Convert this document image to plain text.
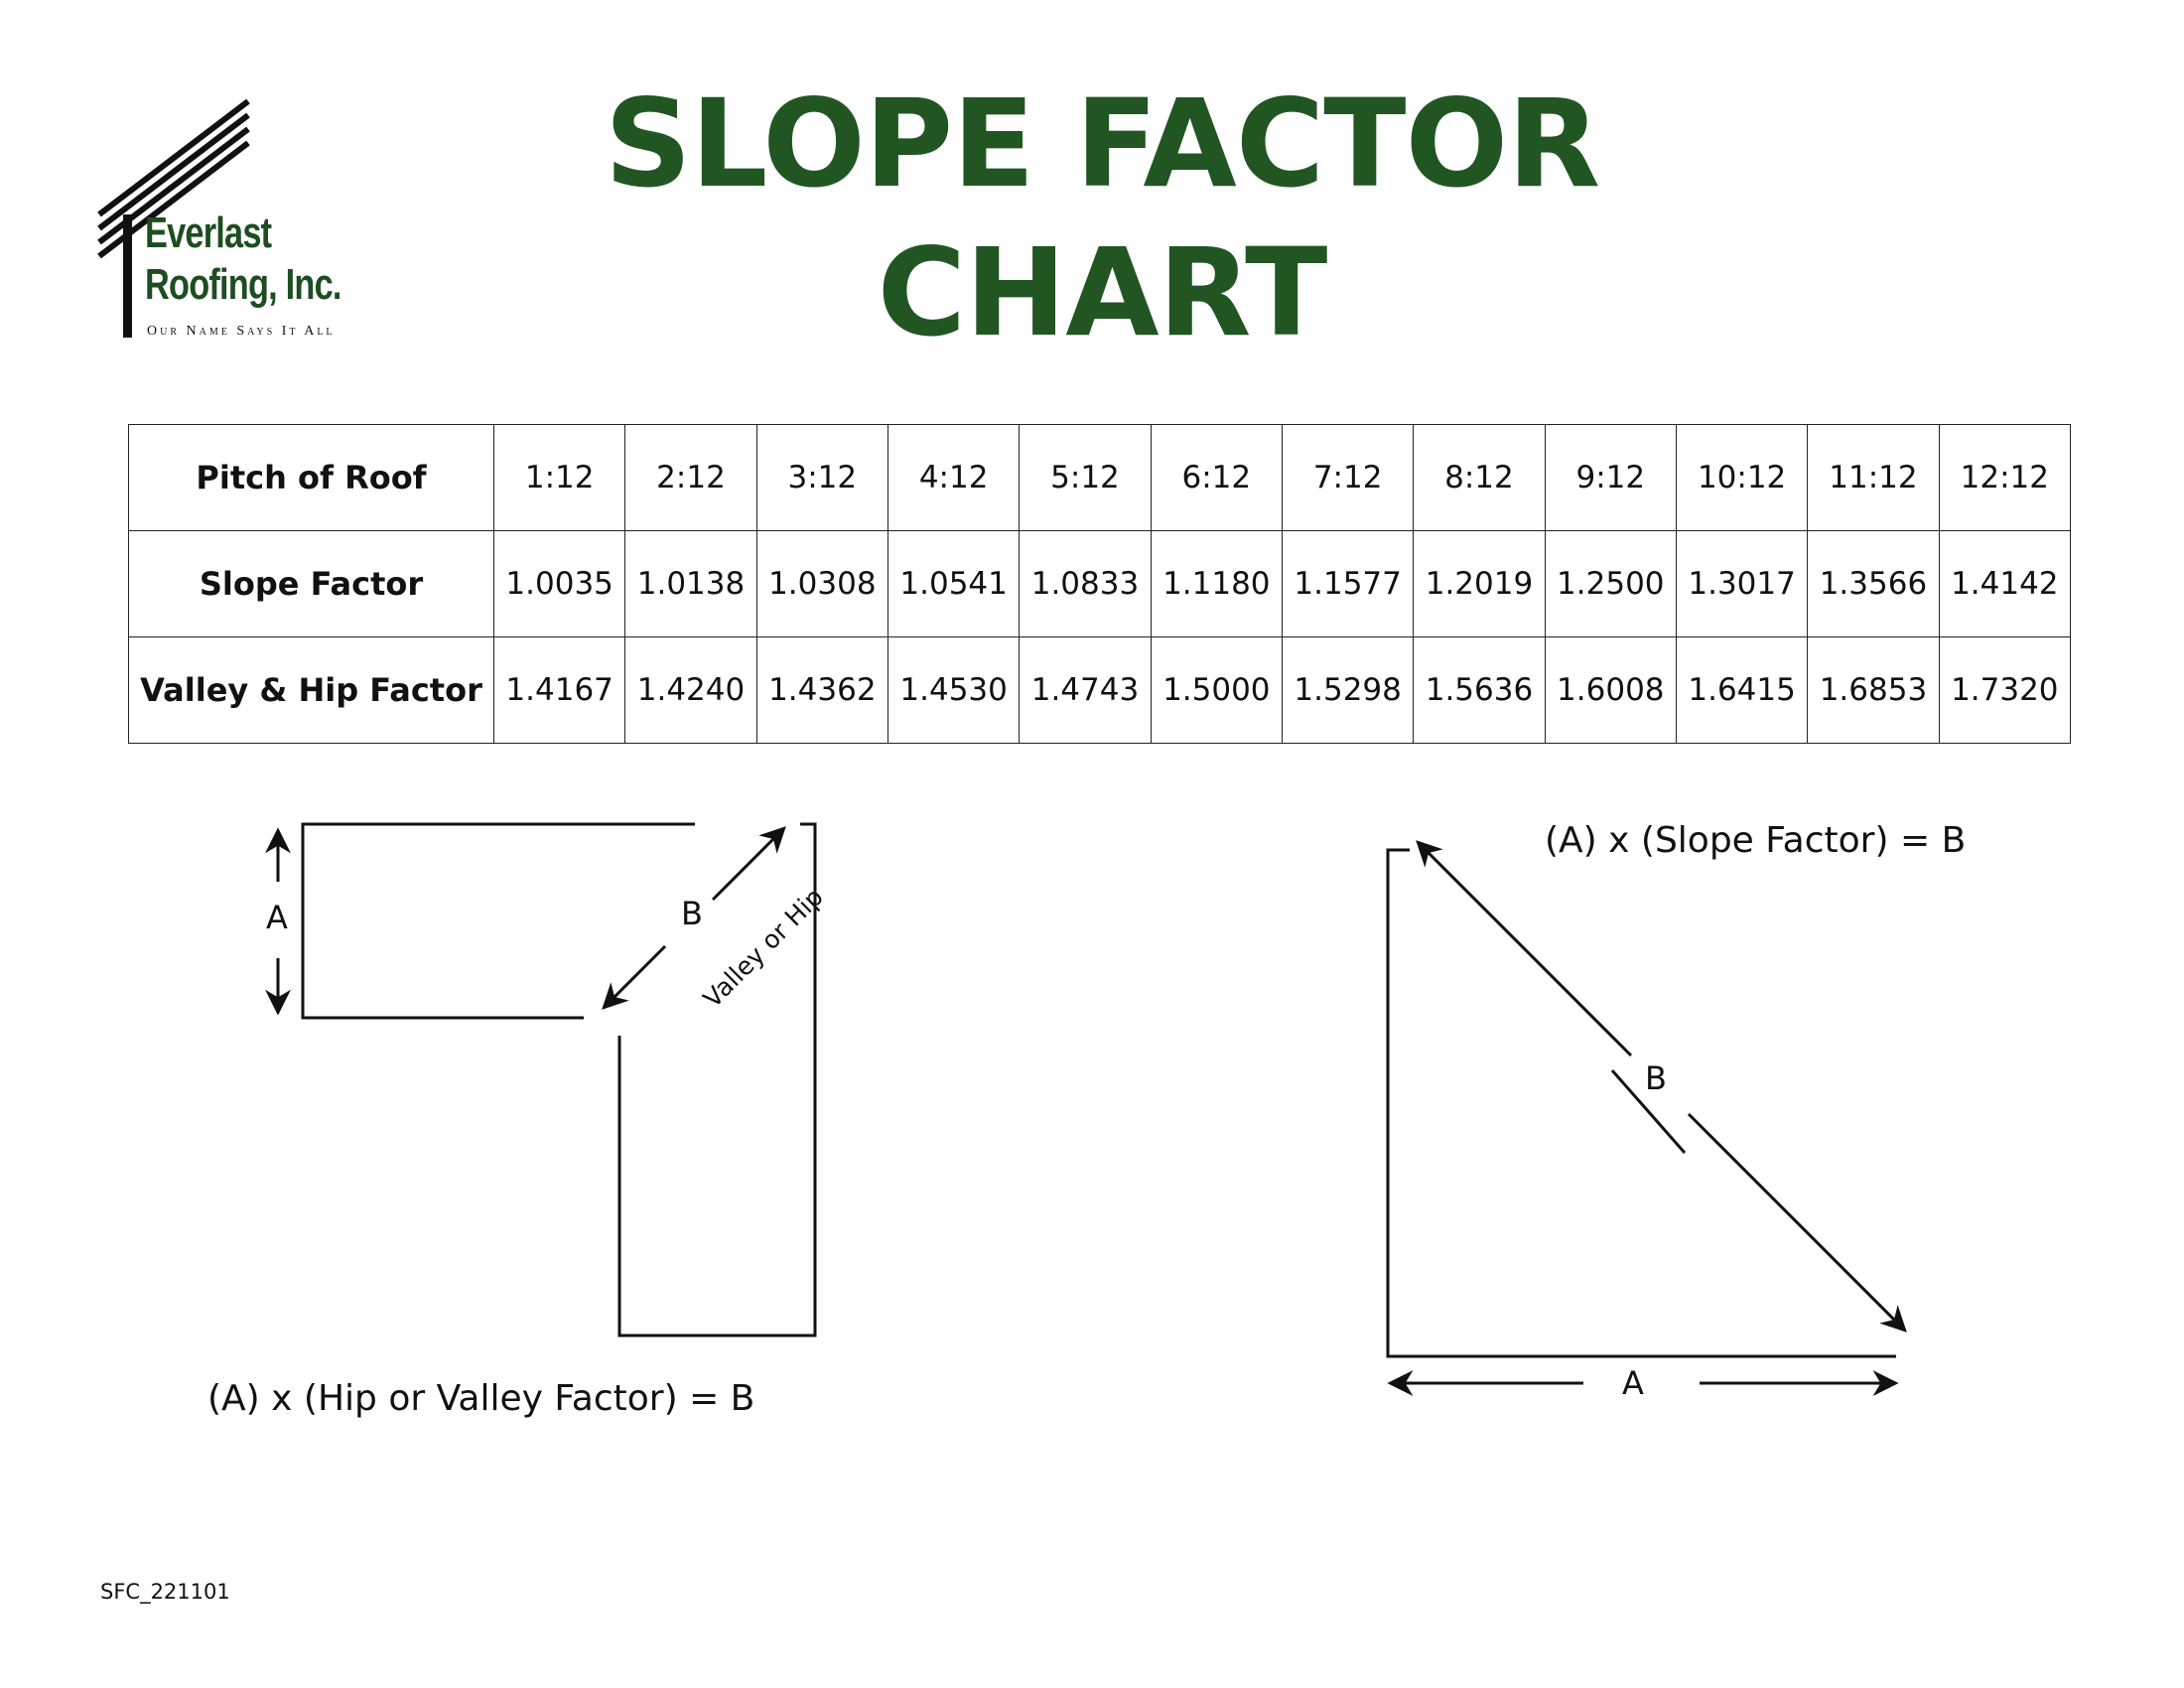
Everlast
Roofing, Inc.
Our Name Says It All
SLOPE FACTOR
CHART
Pitch of Roof	1:12	2:12	3:12	4:12	5:12	6:12	7:12	8:12	9:12	10:12	11:12	12:12
Slope Factor	1.0035	1.0138	1.0308	1.0541	1.0833	1.1180	1.1577	1.2019	1.2500	1.3017	1.3566	1.4142
Valley & Hip Factor	1.4167	1.4240	1.4362	1.4530	1.4743	1.5000	1.5298	1.5636	1.6008	1.6415	1.6853	1.7320
A	B
Valley or Hip
(A) x (Hip or Valley Factor) = B
(A) x (Slope Factor) = B
B
A
SFC_221101
